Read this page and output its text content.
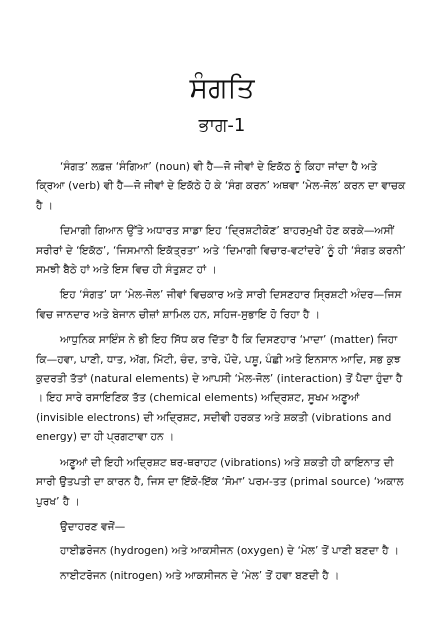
ਸੰਗਤਿ
ਭਾਗ-1

‘ਸੰਗਤ’ ਲਫ਼ਜ਼ ‘ਸੰਗਿਆ’ (noun) ਵੀ ਹੈ—ਜੋ ਜੀਵਾਂ ਦੇ ਇਕੱਠ ਨੂੰ ਕਿਹਾ ਜਾਂਦਾ ਹੈ ਅਤੇ ਕ੍ਰਿਆ (verb) ਵੀ ਹੈ—ਜੋ ਜੀਵਾਂ ਦੇ ਇਕੱਠੇ ਹੋ ਕੇ ‘ਸੰਗ ਕਰਨ’ ਅਥਵਾ ‘ਮੇਲ-ਜੋਲ’ ਕਰਨ ਦਾ ਵਾਚਕ ਹੈ ।

ਦਿਮਾਗੀ ਗਿਆਨ ਉੱਤੇ ਅਧਾਰਤ ਸਾਡਾ ਇਹ ‘ਦ੍ਰਿਸ਼ਟੀਕੋਣ’ ਬਾਹਰਮੁਖੀ ਹੋਣ ਕਰਕੇ—ਅਸੀਂ ਸਰੀਰਾਂ ਦੇ ‘ਇਕੱਠ’, ‘ਜਿਸਮਾਨੀ ਇਕੱਤ੍ਰਤਾ’ ਅਤੇ ‘ਦਿਮਾਗੀ ਵਿਚਾਰ-ਵਟਾਂਦਰੇ’ ਨੂੰ ਹੀ ‘ਸੰਗਤ ਕਰਨੀ’ ਸਮਝੀ ਬੈਠੇ ਹਾਂ ਅਤੇ ਇਸ ਵਿਚ ਹੀ ਸੰਤੁਸ਼ਟ ਹਾਂ ।

ਇਹ ‘ਸੰਗਤ’ ਯਾ ‘ਮੇਲ-ਜੋਲ’ ਜੀਵਾਂ ਵਿਚਕਾਰ ਅਤੇ ਸਾਰੀ ਦਿਸਣਹਾਰ ਸ੍ਰਿਸ਼ਟੀ ਅੰਦਰ—ਜਿਸ ਵਿਚ ਜਾਨਦਾਰ ਅਤੇ ਬੇਜਾਨ ਚੀਜ਼ਾਂ ਸ਼ਾਮਿਲ ਹਨ, ਸਹਿਜ-ਸੁਭਾਇ ਹੋ ਰਿਹਾ ਹੈ ।

ਆਧੁਨਿਕ ਸਾਇੰਸ ਨੇ ਭੀ ਇਹ ਸਿੱਧ ਕਰ ਦਿੱਤਾ ਹੈ ਕਿ ਦਿਸਣਹਾਰ ‘ਮਾਦਾ’ (matter) ਜਿਹਾ ਕਿ—ਹਵਾ, ਪਾਣੀ, ਧਾਤ, ਅੱਗ, ਮਿੱਟੀ, ਚੰਦ, ਤਾਰੇ, ਪੌਦੇ, ਪਸ਼ੂ, ਪੰਛੀ ਅਤੇ ਇਨਸਾਨ ਆਦਿ, ਸਭ ਕੁਝ ਕੁਦਰਤੀ ਤੱਤਾਂ (natural elements) ਦੇ ਆਪਸੀ ‘ਮੇਲ-ਜੋਲ’ (interaction) ਤੋਂ ਪੈਦਾ ਹੁੰਦਾ ਹੈ । ਇਹ ਸਾਰੇ ਰਸਾਇਣਿਕ ਤੱਤ (chemical elements) ਅਦ੍ਰਿਸ਼ਟ, ਸੂਖਮ ਅਣੂਆਂ (invisible electrons) ਦੀ ਅਦ੍ਰਿਸ਼ਟ, ਸਦੀਵੀ ਹਰਕਤ ਅਤੇ ਸ਼ਕਤੀ (vibrations and energy) ਦਾ ਹੀ ਪ੍ਰਗਟਾਵਾ ਹਨ ।

ਅਣੂਆਂ ਦੀ ਇਹੀ ਅਦ੍ਰਿਸ਼ਟ ਥਰ-ਥਰਾਹਟ (vibrations) ਅਤੇ ਸ਼ਕਤੀ ਹੀ ਕਾਇਨਾਤ ਦੀ ਸਾਰੀ ਉਤਪਤੀ ਦਾ ਕਾਰਨ ਹੈ, ਜਿਸ ਦਾ ਇੱਕੋ-ਇੱਕ ‘ਸੋਮਾ’ ਪਰਮ-ਤਤ (primal source) ‘ਅਕਾਲ ਪੁਰਖ’ ਹੈ ।

ਉਦਾਹਰਣ ਵਜੋਂ—

ਹਾਈਡਰੋਜਨ (hydrogen) ਅਤੇ ਆਕਸੀਜਨ (oxygen) ਦੇ ‘ਮੇਲ’ ਤੋਂ ਪਾਣੀ ਬਣਦਾ ਹੈ ।

ਨਾਈਟਰੋਜਨ (nitrogen) ਅਤੇ ਆਕਸੀਜਨ ਦੇ ‘ਮੇਲ’ ਤੋਂ ਹਵਾ ਬਣਦੀ ਹੈ ।
